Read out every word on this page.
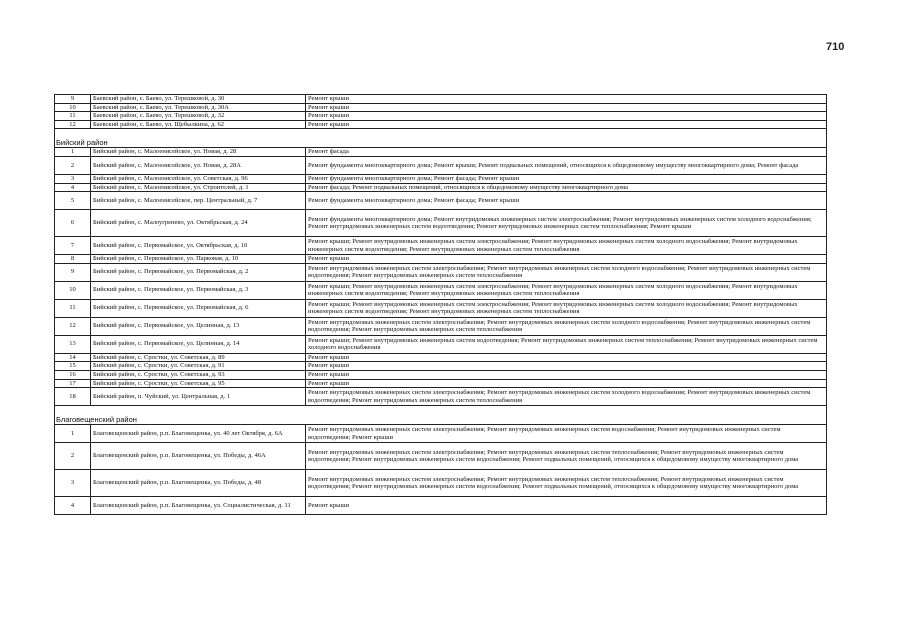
710
9	Баевский район, с. Баево, ул. Терешковой, д. 30	Ремонт крыши
10	Баевский район, с. Баево, ул. Терешковой, д. 30А	Ремонт крыши
11	Баевский район, с. Баево, ул. Терешковой, д. 32	Ремонт крыши
12	Баевский район, с. Баево, ул. Щебылкина, д. 62	Ремонт крыши

Бийский район		
1	Бийский район, с. Малоенисейское, ул. Новая, д. 28	Ремонт фасада
2	Бийский район, с. Малоенисейское, ул. Новая, д. 28А	Ремонт фундамента многоквартирного дома; Ремонт крыши; Ремонт подвальных помещений, относящихся к общедомовому имуществу многоквартирного дома; Ремонт фасада
3	Бийский район, с. Малоенисейское, ул. Советская, д. 96	Ремонт фундамента многоквартирного дома; Ремонт фасада; Ремонт крыши
4	Бийский район, с. Малоенисейское, ул. Строителей, д. 1	Ремонт фасада; Ремонт подвальных помещений, относящихся к общедомовому имуществу многоквартирного дома
5	Бийский район, с. Малоенисейское, пер. Центральный, д. 7	Ремонт фундамента многоквартирного дома; Ремонт фасада; Ремонт крыши
6	Бийский район, с. Малоугренево, ул. Октябрьская, д. 24	Ремонт фундамента многоквартирного дома; Ремонт внутридомовых инженерных систем электроснабжения; Ремонт внутридомовых инженерных систем холодного водоснабжения; Ремонт внутридомовых инженерных систем водоотведения; Ремонт внутридомовых инженерных систем теплоснабжения; Ремонт крыши
7	Бийский район, с. Первомайское, ул. Октябрьская, д. 10	Ремонт крыши; Ремонт внутридомовых инженерных систем электроснабжения; Ремонт внутридомовых инженерных систем холодного водоснабжения; Ремонт внутридомовых инженерных систем водоотведения; Ремонт внутридомовых инженерных систем теплоснабжения
8	Бийский район, с. Первомайское, ул. Парковая, д. 10	Ремонт крыши
9	Бийский район, с. Первомайское, ул. Первомайская, д. 2	Ремонт внутридомовых инженерных систем электроснабжения; Ремонт внутридомовых инженерных систем холодного водоснабжения; Ремонт внутридомовых инженерных систем водоотведения; Ремонт внутридомовых инженерных систем теплоснабжения
10	Бийский район, с. Первомайское, ул. Первомайская, д. 3	Ремонт крыши; Ремонт внутридомовых инженерных систем электроснабжения; Ремонт внутридомовых инженерных систем холодного водоснабжения; Ремонт внутридомовых инженерных систем водоотведения; Ремонт внутридомовых инженерных систем теплоснабжения
11	Бийский район, с. Первомайское, ул. Первомайская, д. 6	Ремонт крыши; Ремонт внутридомовых инженерных систем электроснабжения; Ремонт внутридомовых инженерных систем холодного водоснабжения; Ремонт внутридомовых инженерных систем водоотведения; Ремонт внутридомовых инженерных систем теплоснабжения
12	Бийский район, с. Первомайское, ул. Целинная, д. 13	Ремонт внутридомовых инженерных систем электроснабжения; Ремонт внутридомовых инженерных систем холодного водоснабжения; Ремонт внутридомовых инженерных систем водоотведения; Ремонт внутридомовых инженерных систем теплоснабжения
13	Бийский район, с. Первомайское, ул. Целинная, д. 14	Ремонт крыши; Ремонт внутридомовых инженерных систем водоотведения; Ремонт внутридомовых инженерных систем теплоснабжения; Ремонт внутридомовых инженерных систем холодного водоснабжения
14	Бийский район, с. Сростки, ул. Советская, д. 89	Ремонт крыши
15	Бийский район, с. Сростки, ул. Советская, д. 91	Ремонт крыши
16	Бийский район, с. Сростки, ул. Советская, д. 93	Ремонт крыши
17	Бийский район, с. Сростки, ул. Советская, д. 95	Ремонт крыши
18	Бийский район, п. Чуйский, ул. Центральная, д. 1	Ремонт внутридомовых инженерных систем электроснабжения; Ремонт внутридомовых инженерных систем холодного водоснабжения; Ремонт внутридомовых инженерных систем водоотведения; Ремонт внутридомовых инженерных систем теплоснабжения

Благовещенский район		
1	Благовещенский район, р.п. Благовещенка, ул. 40 лет Октября, д. 6А	Ремонт внутридомовых инженерных систем электроснабжения; Ремонт внутридомовых инженерных систем водоснабжения; Ремонт внутридомовых инженерных систем водоотведения; Ремонт крыши
2	Благовещенский район, р.п. Благовещенка, ул. Победы, д. 46А	Ремонт внутридомовых инженерных систем электроснабжения; Ремонт внутридомовых инженерных систем теплоснабжения; Ремонт внутридомовых инженерных систем водоотведения; Ремонт внутридомовых инженерных систем водоснабжения; Ремонт подвальных помещений, относящихся к общедомовому имуществу многоквартирного дома
3	Благовещенский район, р.п. Благовещенка, ул. Победы, д. 48	Ремонт внутридомовых инженерных систем электроснабжения; Ремонт внутридомовых инженерных систем теплоснабжения; Ремонт внутридомовых инженерных систем водоотведения; Ремонт внутридомовых инженерных систем водоснабжения; Ремонт подвальных помещений, относящихся к общедомовому имуществу многоквартирного дома
4	Благовещенский район, р.п. Благовещенка, ул. Социалистическая, д. 11	Ремонт крыши
